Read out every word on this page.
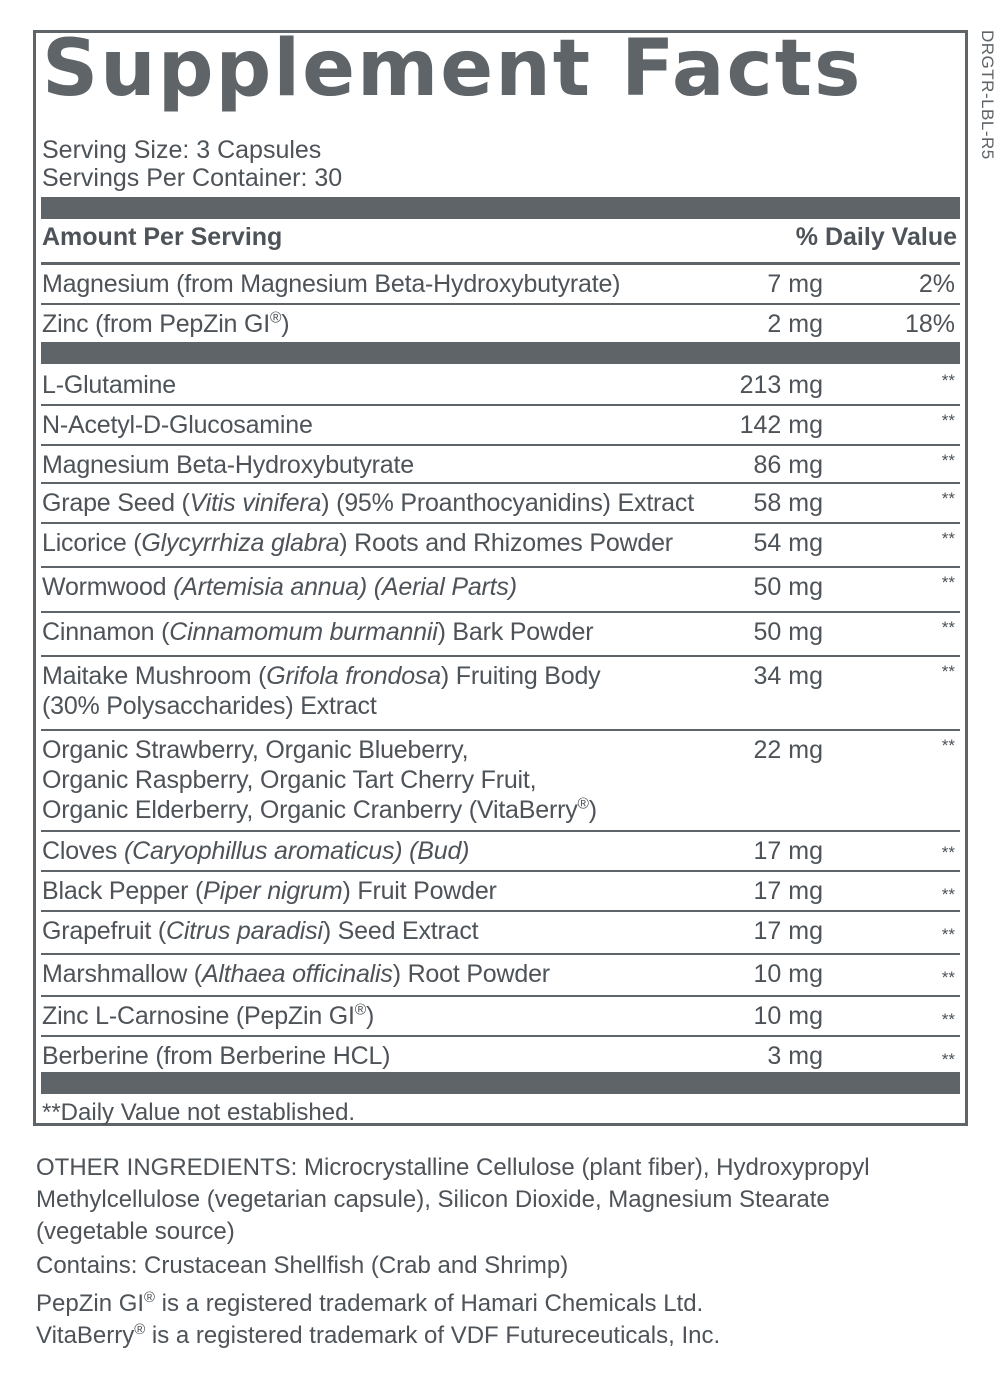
Supplement Facts
Serving Size: 3 Capsules
Servings Per Container: 30
Amount Per Serving	% Daily Value
Magnesium (from Magnesium Beta-Hydroxybutyrate)	7 mg	2%
Zinc (from PepZin GI®)	2 mg	18%
L-Glutamine	213 mg	**
N-Acetyl-D-Glucosamine	142 mg	**
Magnesium Beta-Hydroxybutyrate	86 mg	**
Grape Seed (Vitis vinifera) (95% Proanthocyanidins) Extract 58 mg	**
Licorice (Glycyrrhiza glabra) Roots and Rhizomes Powder	54 mg	**
Wormwood (Artemisia annua) (Aerial Parts)	50 mg	**
Cinnamon (Cinnamomum burmannii) Bark Powder	50 mg	**
Maitake Mushroom (Grifola frondosa) Fruiting Body
(30% Polysaccharides) Extract
34 mg	**
Organic Strawberry, Organic Blueberry,
Organic Raspberry, Organic Tart Cherry Fruit,
Organic Elderberry, Organic Cranberry (VitaBerry®)
22 mg	**
Cloves (Caryophillus aromaticus) (Bud)	17 mg	**
Black Pepper (Piper nigrum) Fruit Powder	17 mg	**
Grapefruit (Citrus paradisi) Seed Extract	17 mg	**
Marshmallow (Althaea officinalis) Root Powder	10 mg	**
Zinc L-Carnosine (PepZin GI®)	10 mg	**
Berberine (from Berberine HCL)	3 mg	**
**Daily Value not established.
DRGTR-LBL-R5
OTHER INGREDIENTS: Microcrystalline Cellulose (plant fiber), Hydroxypropyl
Methylcellulose (vegetarian capsule), Silicon Dioxide, Magnesium Stearate
(vegetable source)
Contains: Crustacean Shellfish (Crab and Shrimp)
PepZin GI® is a registered trademark of Hamari Chemicals Ltd.
VitaBerry® is a registered trademark of VDF Futureceuticals, Inc.
